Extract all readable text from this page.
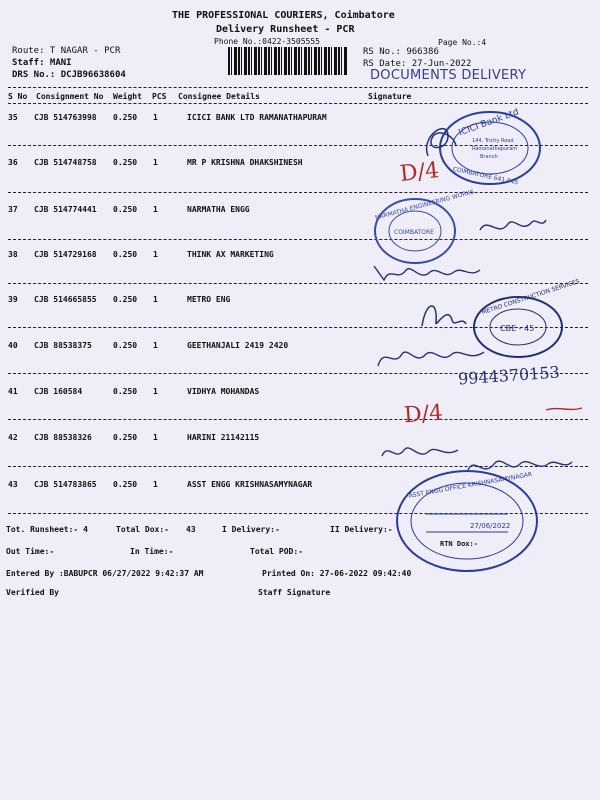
THE PROFESSIONAL COURIERS, Coimbatore
Delivery Runsheet - PCR
Phone No.:0422-3505555	Page No.:4
Route: T NAGAR - PCR
Staff: MANI
DRS No.: DCJB96638604
RS No.: 966386
RS Date: 27-Jun-2022
DOCUMENTS DELIVERY
S No Consignment No Weight PCS Consignee Details	Signature
35 CJB 514763998 0.250 1	ICICI BANK LTD RAMANATHAPURAM
36 CJB 514748758 0.250 1	MR P KRISHNA DHAKSHINESH
37 CJB 514774441 0.250 1	NARMATHA ENGG
38 CJB 514729168 0.250 1	THINK AX MARKETING
39 CJB 514665855 0.250 1	METRO ENG
40 CJB 88538375	0.250 1	GEETHANJALI 2419 2420
41 CJB 160584	0.250 1	VIDHYA MOHANDAS
42 CJB 88538326	0.250 1	HARINI 21142115
43 CJB 514783865 0.250 1	ASST ENGG KRISHNASAMYNAGAR
Tot. Runsheet:- 4	Total Dox:- 43	I Delivery:-	II Delivery:-
Out Time:-	In Time:-	Total POD:-
Entered By :BABUPCR 06/27/2022 9:42:37 AM	Printed On: 27-06-2022 09:42:40
Verified By	Staff Signature
ICICI Bank Ltd
144, Trichy Road
Ramanathapuram
Branch
COIMBATORE 641 045
D/4
NARMATHA ENGINEERING WORKS
COIMBATORE
METRO CONSTRUCTION SERVICES
CBE - 45
9944370153
D/4
ASST ENGG OFFICE KRISHNASAMYNAGAR
27/06/2022
RTN Dox:-
